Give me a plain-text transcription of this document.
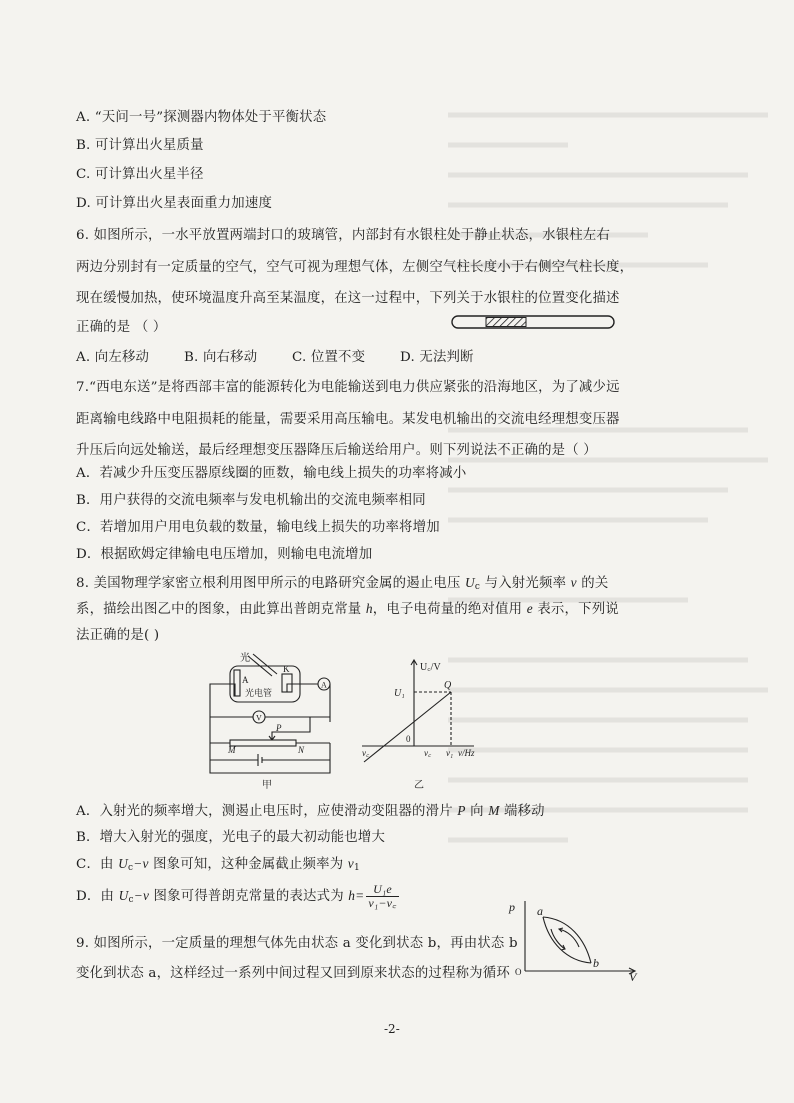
A. “天问一号”探测器内物体处于平衡状态
B. 可计算出火星质量
C. 可计算出火星半径
D. 可计算出火星表面重力加速度
6. 如图所示，一水平放置两端封口的玻璃管，内部封有水银柱处于静止状态，水银柱左右
两边分别封有一定质量的空气，空气可视为理想气体，左侧空气柱长度小于右侧空气柱长度，
现在缓慢加热，使环境温度升高至某温度，在这一过程中，下列关于水银柱的位置变化描述
正确的是 （ ）
A. 向左移动	B. 向右移动	C. 位置不变	D. 无法判断
7.“西电东送”是将西部丰富的能源转化为电能输送到电力供应紧张的沿海地区，为了减少远
距离输电线路中电阻损耗的能量，需要采用高压输电。某发电机输出的交流电经理想变压器
升压后向远处输送，最后经理想变压器降压后输送给用户。则下列说法不正确的是（ ）
A．若减少升压变压器原线圈的匝数，输电线上损失的功率将减小
B．用户获得的交流电频率与发电机输出的交流电频率相同
C．若增加用户用电负载的数量，输电线上损失的功率将增加
D．根据欧姆定律输电电压增加，则输电电流增加
8. 美国物理学家密立根利用图甲所示的电路研究金属的遏止电压 $U_c$ 与入射光频率 ν 的关
系，描绘出图乙中的图象，由此算出普朗克常量 h，电子电荷量的绝对值用 e 表示，下列说
法正确的是( )
光
A
K
光电管
V
A
P
M	N
甲
U꜀/V
Q
U₁
0
ν꜀	ν꜀ ν₁ ν/Hz
乙
A．入射光的频率增大，测遏止电压时，应使滑动变阻器的滑片 P 向 M 端移动
B．增大入射光的强度，光电子的最大初动能也增大
C．由 $U_c-\nu$ 图象可知，这种金属截止频率为 $\nu_1$
D．由 $U_c-\nu$ 图象可得普朗克常量的表达式为 $h= \frac{\text{U₁e}}{\text{ν₁−ν꜀}}$
9. 如图所示，一定质量的理想气体先由状态 a 变化到状态 b，再由状态 b
变化到状态 a，这样经过一系列中间过程又回到原来状态的过程称为循环
p a
b
O	V
-2-
